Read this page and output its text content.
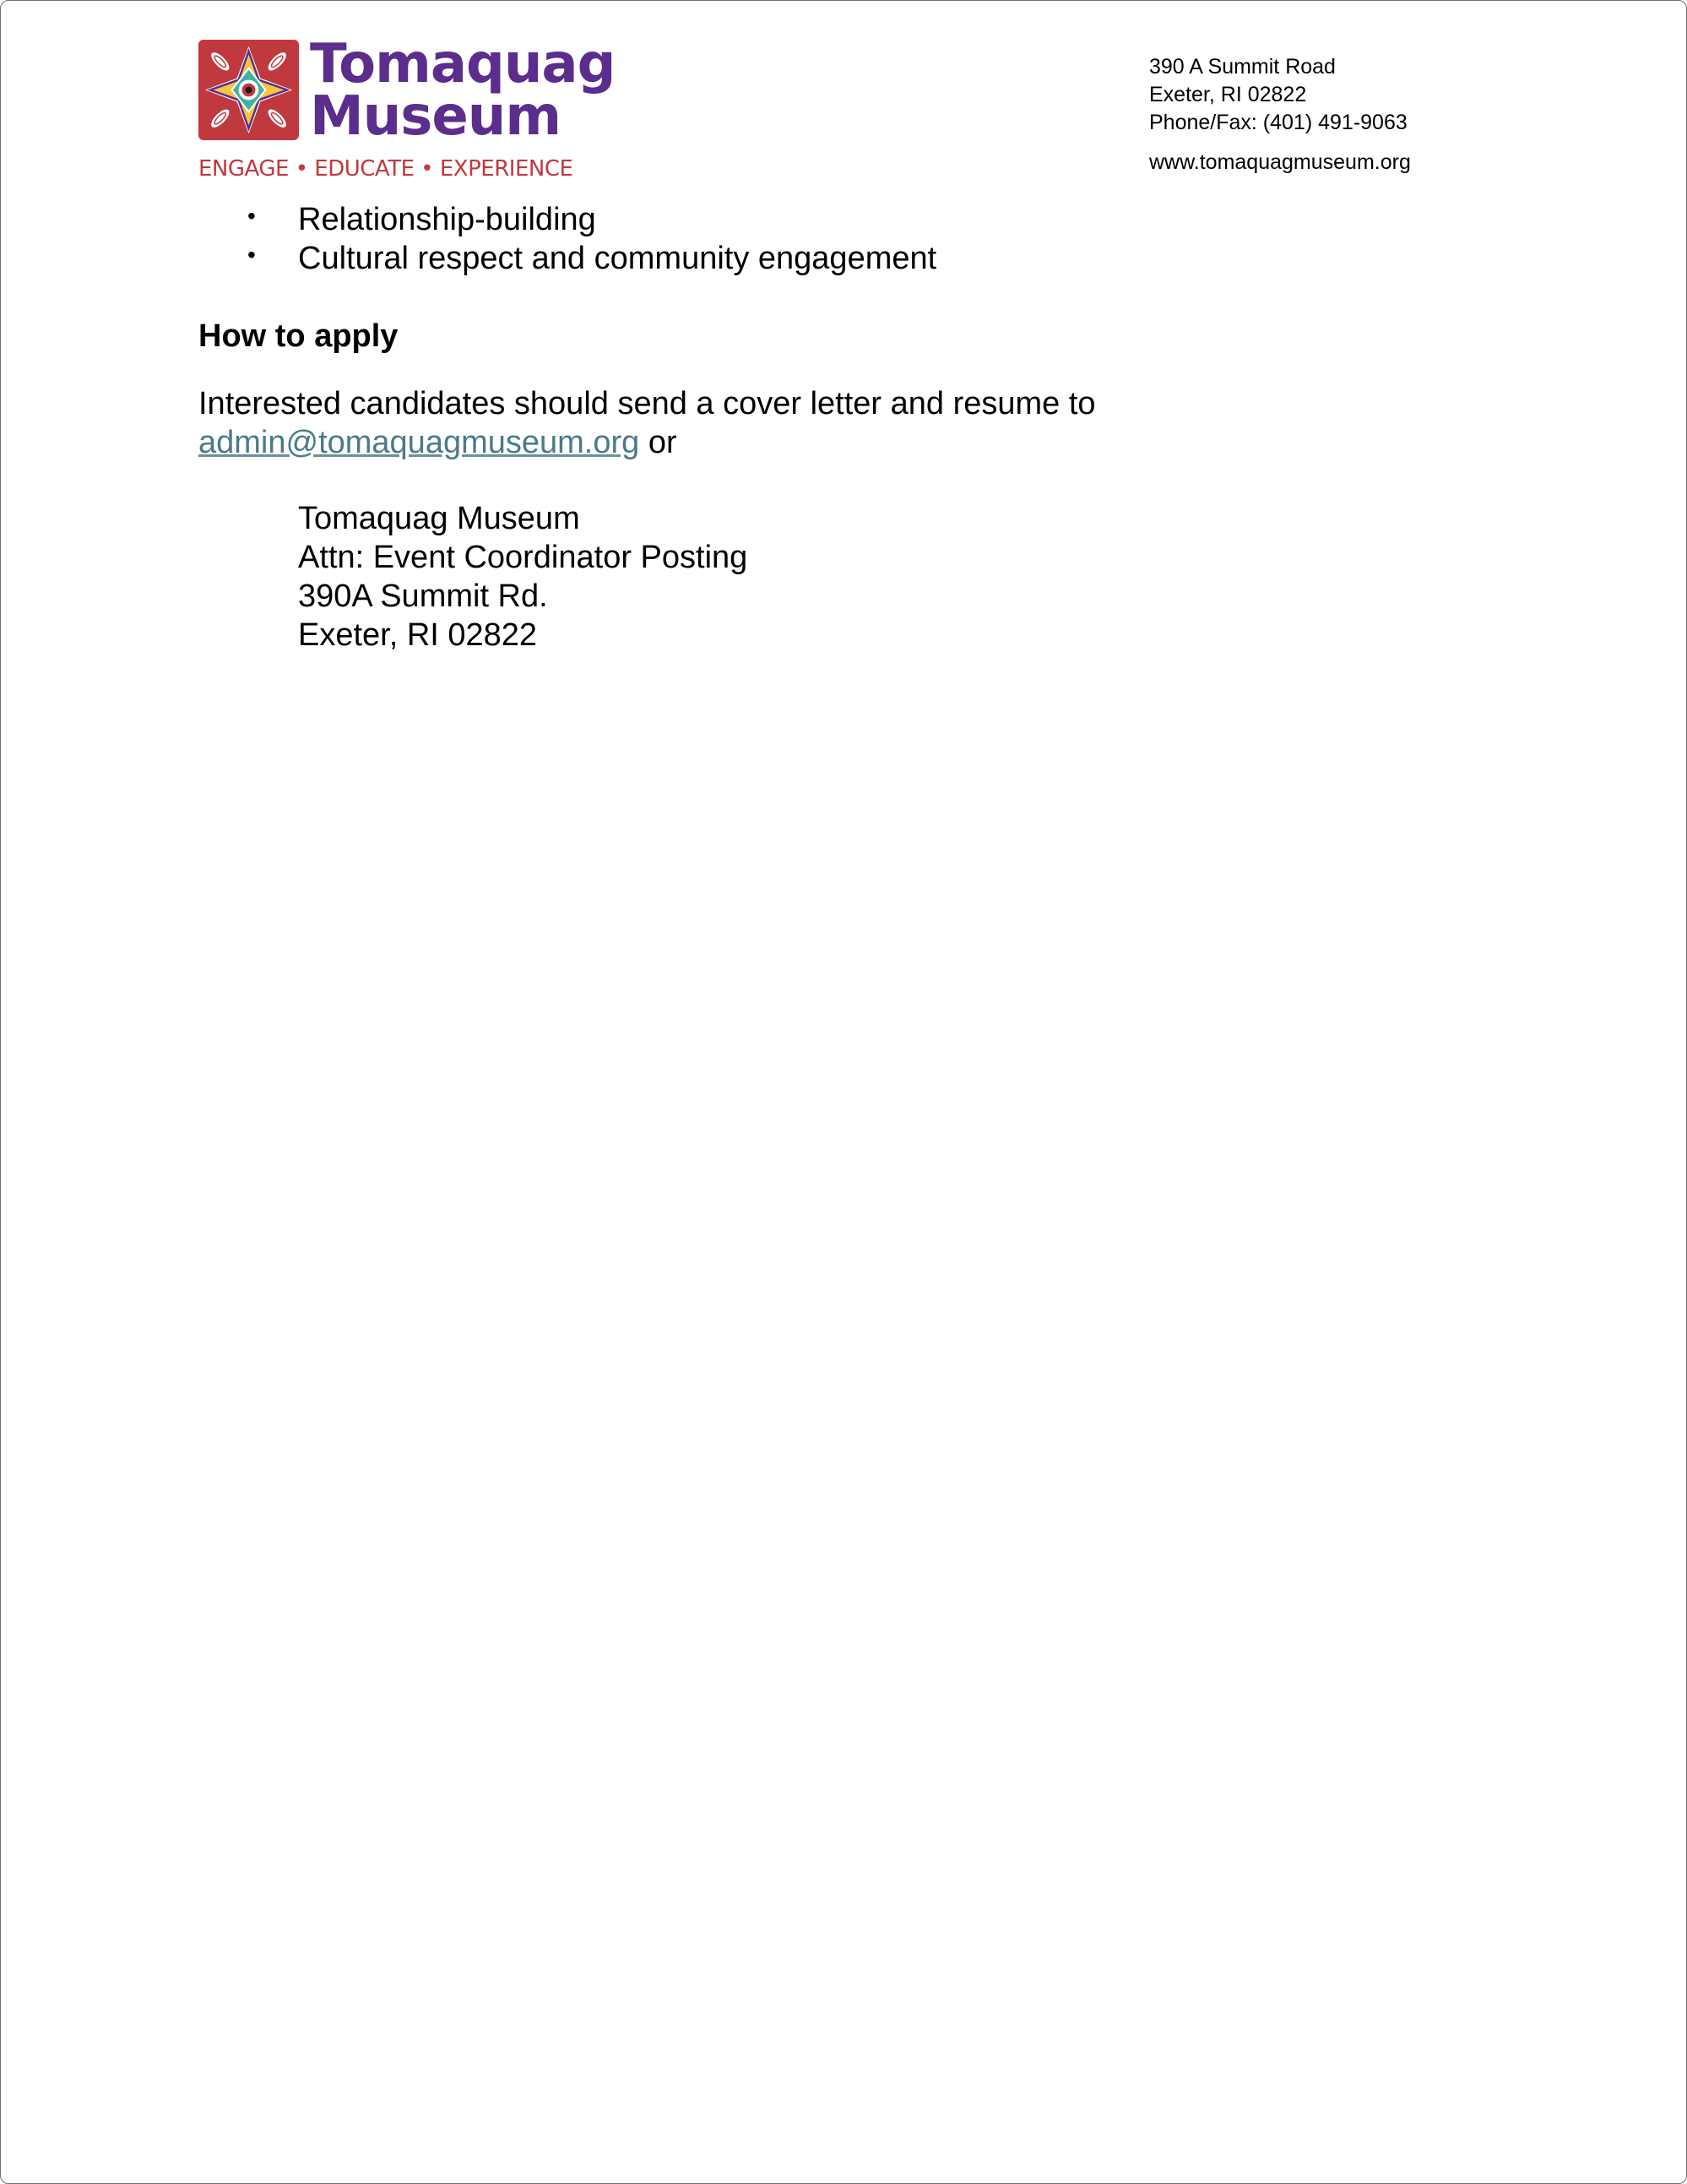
Tomaquag
Museum
ENGAGE • EDUCATE • EXPERIENCE
390 A Summit Road
Exeter, RI 02822
Phone/Fax: (401) 491-9063
www.tomaquagmuseum.org
• Relationship-building
• Cultural respect and community engagement
How to apply
Interested candidates should send a cover letter and resume to
admin@tomaquagmuseum.org or
Tomaquag Museum
Attn: Event Coordinator Posting
390A Summit Rd.
Exeter, RI 02822
